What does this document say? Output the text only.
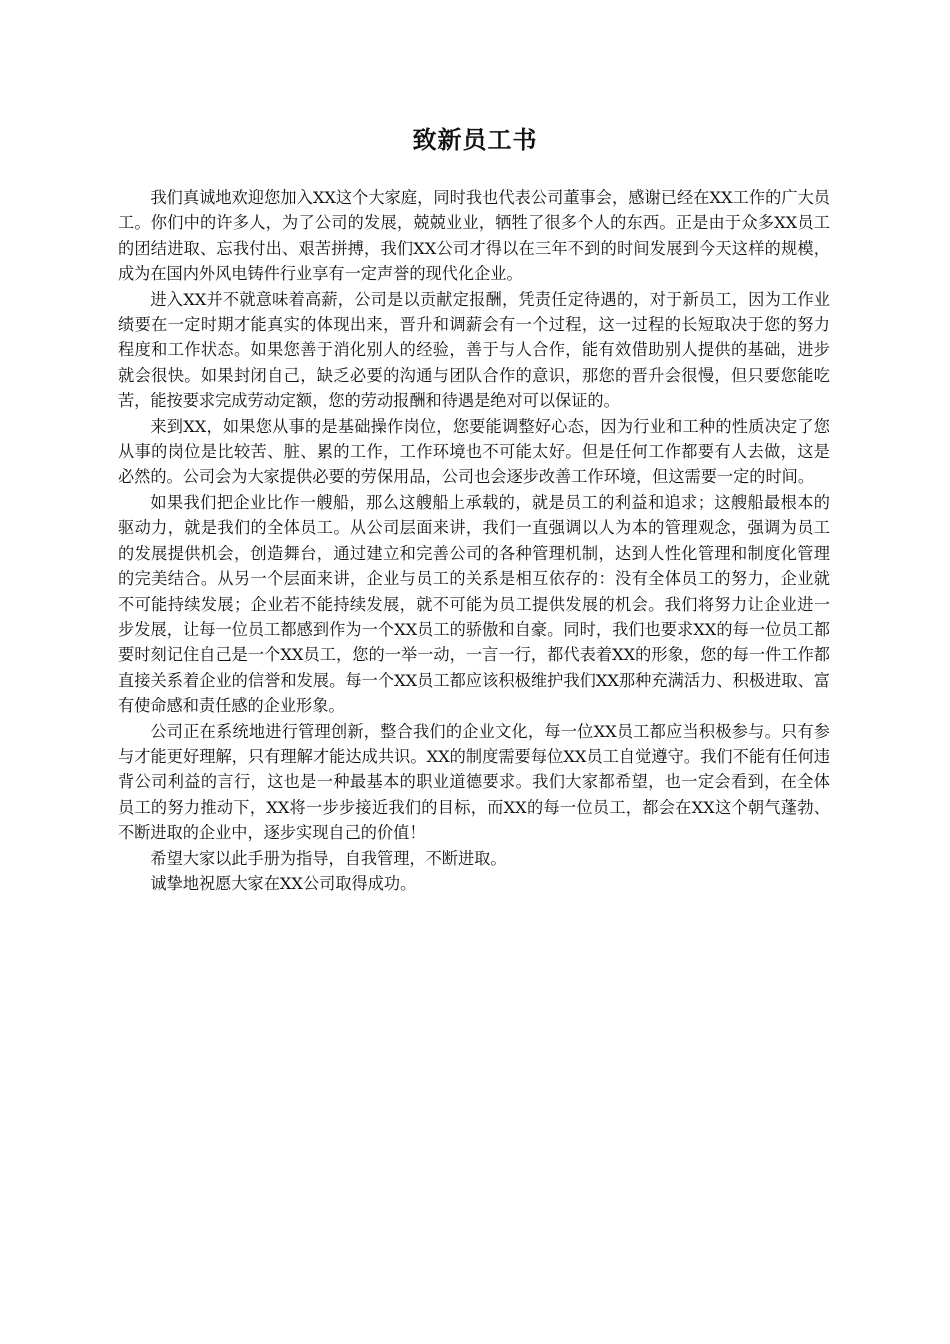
致新员工书

我们真诚地欢迎您加入XX这个大家庭，同时我也代表公司董事会，感谢已经在XX工作的广大员工。你们中的许多人，为了公司的发展，兢兢业业，牺牲了很多个人的东西。正是由于众多XX员工的团结进取、忘我付出、艰苦拼搏，我们XX公司才得以在三年不到的时间发展到今天这样的规模，成为在国内外风电铸件行业享有一定声誉的现代化企业。

进入XX并不就意味着高薪，公司是以贡献定报酬，凭责任定待遇的，对于新员工，因为工作业绩要在一定时期才能真实的体现出来，晋升和调薪会有一个过程，这一过程的长短取决于您的努力程度和工作状态。如果您善于消化别人的经验，善于与人合作，能有效借助别人提供的基础，进步就会很快。如果封闭自己，缺乏必要的沟通与团队合作的意识，那您的晋升会很慢，但只要您能吃苦，能按要求完成劳动定额，您的劳动报酬和待遇是绝对可以保证的。

来到XX，如果您从事的是基础操作岗位，您要能调整好心态，因为行业和工种的性质决定了您从事的岗位是比较苦、脏、累的工作，工作环境也不可能太好。但是任何工作都要有人去做，这是必然的。公司会为大家提供必要的劳保用品，公司也会逐步改善工作环境，但这需要一定的时间。

如果我们把企业比作一艘船，那么这艘船上承载的，就是员工的利益和追求；这艘船最根本的驱动力，就是我们的全体员工。从公司层面来讲，我们一直强调以人为本的管理观念，强调为员工的发展提供机会，创造舞台，通过建立和完善公司的各种管理机制，达到人性化管理和制度化管理的完美结合。从另一个层面来讲，企业与员工的关系是相互依存的：没有全体员工的努力，企业就不可能持续发展；企业若不能持续发展，就不可能为员工提供发展的机会。我们将努力让企业进一步发展，让每一位员工都感到作为一个XX员工的骄傲和自豪。同时，我们也要求XX的每一位员工都要时刻记住自己是一个XX员工，您的一举一动，一言一行，都代表着XX的形象，您的每一件工作都直接关系着企业的信誉和发展。每一个XX员工都应该积极维护我们XX那种充满活力、积极进取、富有使命感和责任感的企业形象。

公司正在系统地进行管理创新，整合我们的企业文化，每一位XX员工都应当积极参与。只有参与才能更好理解，只有理解才能达成共识。XX的制度需要每位XX员工自觉遵守。我们不能有任何违背公司利益的言行，这也是一种最基本的职业道德要求。我们大家都希望，也一定会看到，在全体员工的努力推动下，XX将一步步接近我们的目标，而XX的每一位员工，都会在XX这个朝气蓬勃、不断进取的企业中，逐步实现自己的价值！

希望大家以此手册为指导，自我管理，不断进取。

诚挚地祝愿大家在XX公司取得成功。
